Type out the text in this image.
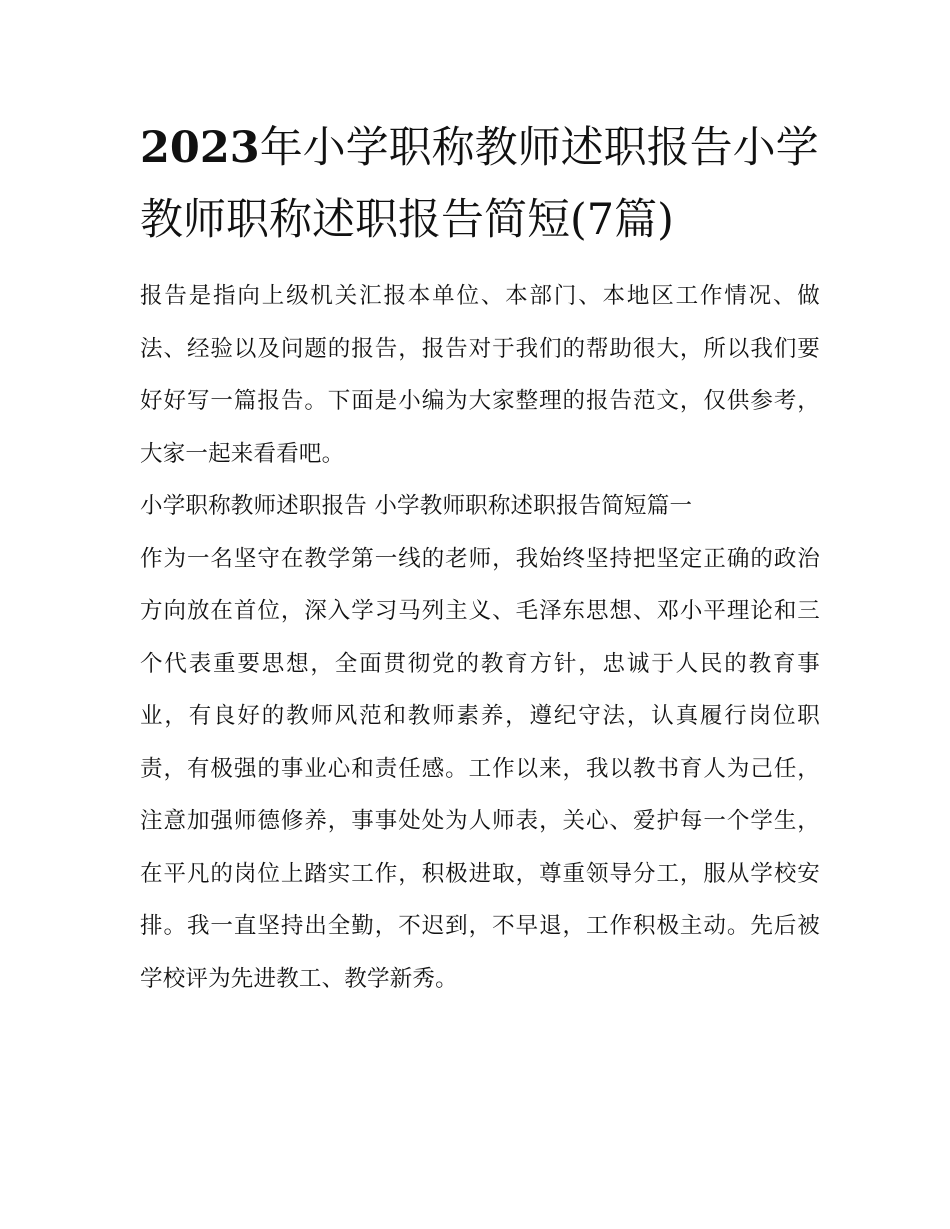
2023年小学职称教师述职报告小学教师职称述职报告简短(7篇)

报告是指向上级机关汇报本单位、本部门、本地区工作情况、做法、经验以及问题的报告，报告对于我们的帮助很大，所以我们要好好写一篇报告。下面是小编为大家整理的报告范文，仅供参考，大家一起来看看吧。

小学职称教师述职报告 小学教师职称述职报告简短篇一

作为一名坚守在教学第一线的老师，我始终坚持把坚定正确的政治方向放在首位，深入学习马列主义、毛泽东思想、邓小平理论和三个代表重要思想，全面贯彻党的教育方针，忠诚于人民的教育事业，有良好的教师风范和教师素养，遵纪守法，认真履行岗位职责，有极强的事业心和责任感。工作以来，我以教书育人为己任，注意加强师德修养，事事处处为人师表，关心、爱护每一个学生，在平凡的岗位上踏实工作，积极进取，尊重领导分工，服从学校安排。我一直坚持出全勤，不迟到，不早退，工作积极主动。先后被学校评为先进教工、教学新秀。
